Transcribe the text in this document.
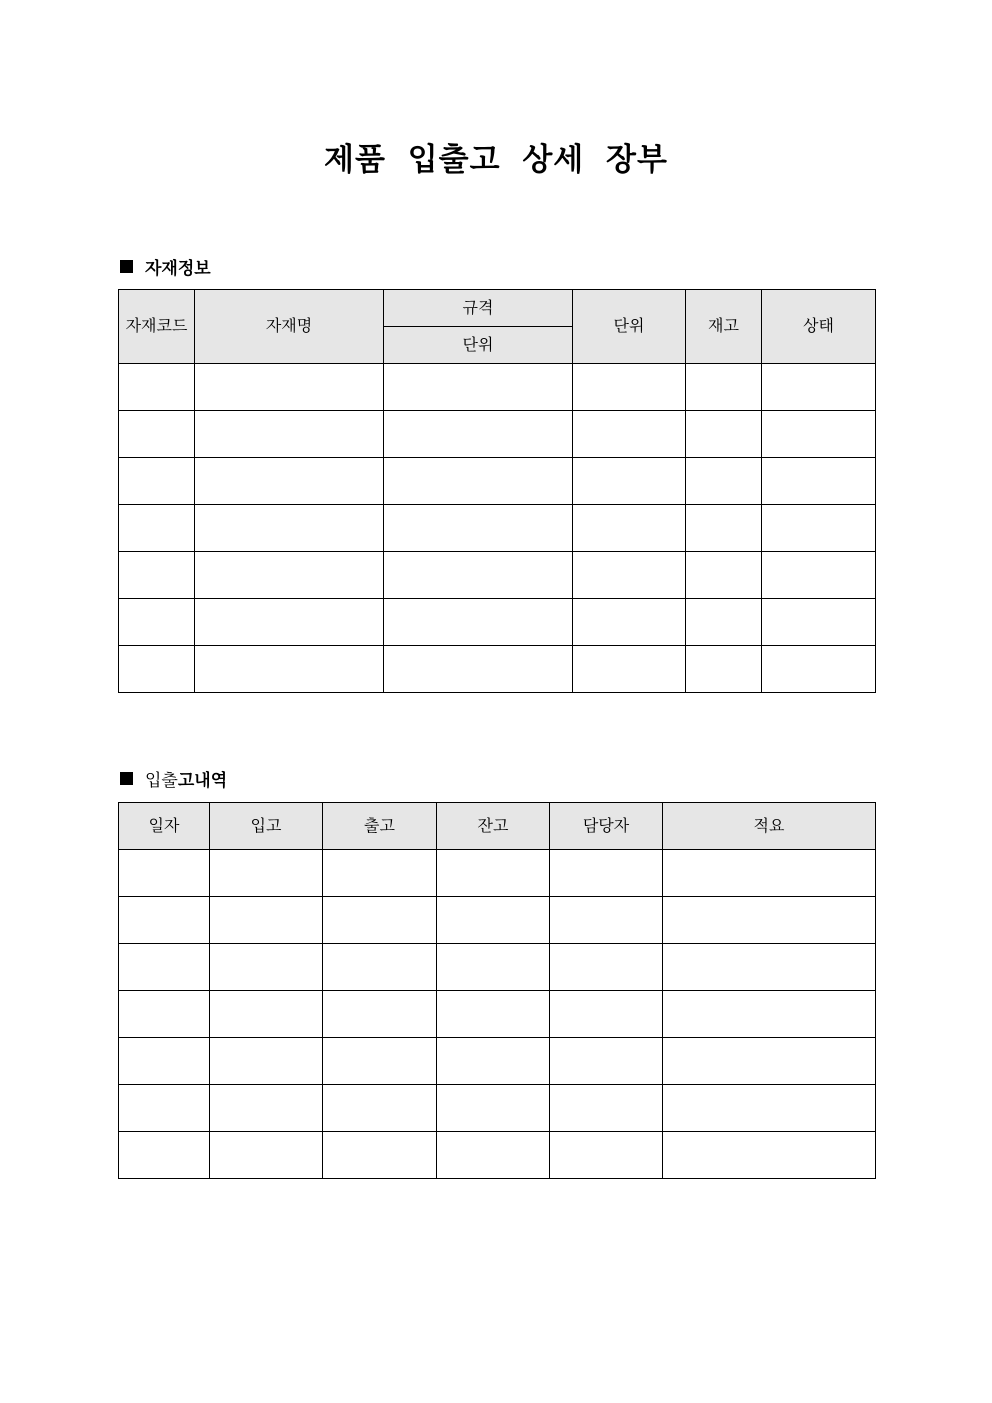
제품 입출고 상세 장부
자재정보
자재코드	자재명	규격	단위	재고	상태
		단위			

입출 고내역
일자	입고	출고	잔고	담당자	적요
